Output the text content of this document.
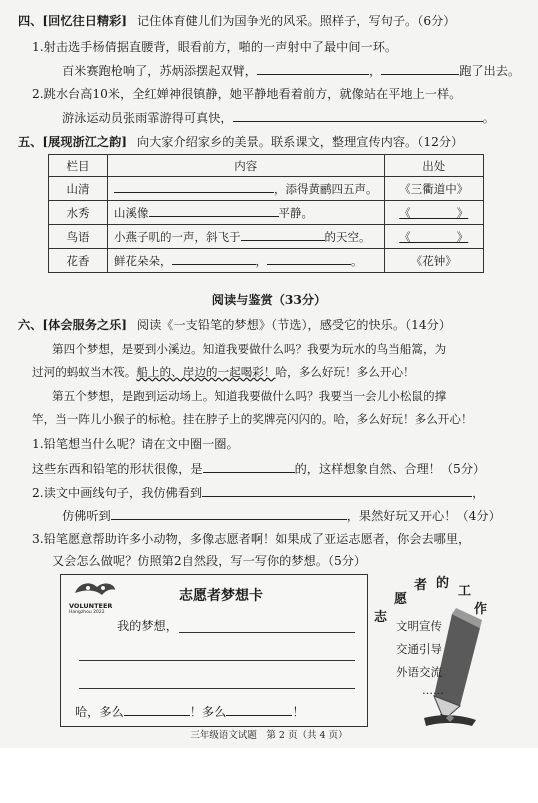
四、[回忆往日精彩] 记住体育健儿们为国争光的风采。照样子，写句子。（6分）
1.射击选手杨倩据直腰背，眼看前方，啪的一声射中了最中间一环。
百米赛跑枪响了，苏炳添摆起双臂，	，	跑了出去。
2.跳水台高10米，全红婵神很镇静，她平静地看着前方，就像站在平地上一样。
游泳运动员张雨霏游得可真快，	。
五、[展现浙江之韵] 向大家介绍家乡的美景。联系课文，整理宣传内容。（12分）
栏目	内容	出处
山清	，添得黄鹂四五声。	《三衢道中》
水秀	山溪像 平静。	《　　　　》
鸟语	小燕子叽的一声，斜飞于 的天空。	《　　　　》
花香	鲜花朵朵， ， 。	《花钟》
阅读与鉴赏（33分）
六、[体会服务之乐] 阅读《一支铅笔的梦想》（节选），感受它的快乐。（14分）
第四个梦想，是要到小溪边。知道我要做什么吗？我要为玩水的鸟当船篙，为
过河的蚂蚁当木筏。船上的、岸边的一起喝彩！哈，多么好玩！多么开心！
第五个梦想，是跑到运动场上。知道我要做什么吗？我要当一会儿小松鼠的撑
竿，当一阵儿小猴子的标枪。挂在脖子上的奖牌亮闪闪的。哈，多么好玩！多么开心！
1.铅笔想当什么呢？请在文中圈一圈。
这些东西和铅笔的形状很像，是	的，这样想象自然、合理！（5分）
2.读文中画线句子，我仿佛看到	，
仿佛听到	，果然好玩又开心！（4分）
3.铅笔愿意帮助许多小动物，多像志愿者啊！如果成了亚运志愿者，你会去哪里，
又会怎么做呢？仿照第2自然段，写一写你的梦想。（5分）
VOLUNTEER
Hangzhou 2022
志愿者梦想卡
我的梦想，
哈，多么	！多么	！
志
愿
者 的
工
作
文明宣传
交通引导
外语交流
……
三年级语文试题　第 2 页（共 4 页）
